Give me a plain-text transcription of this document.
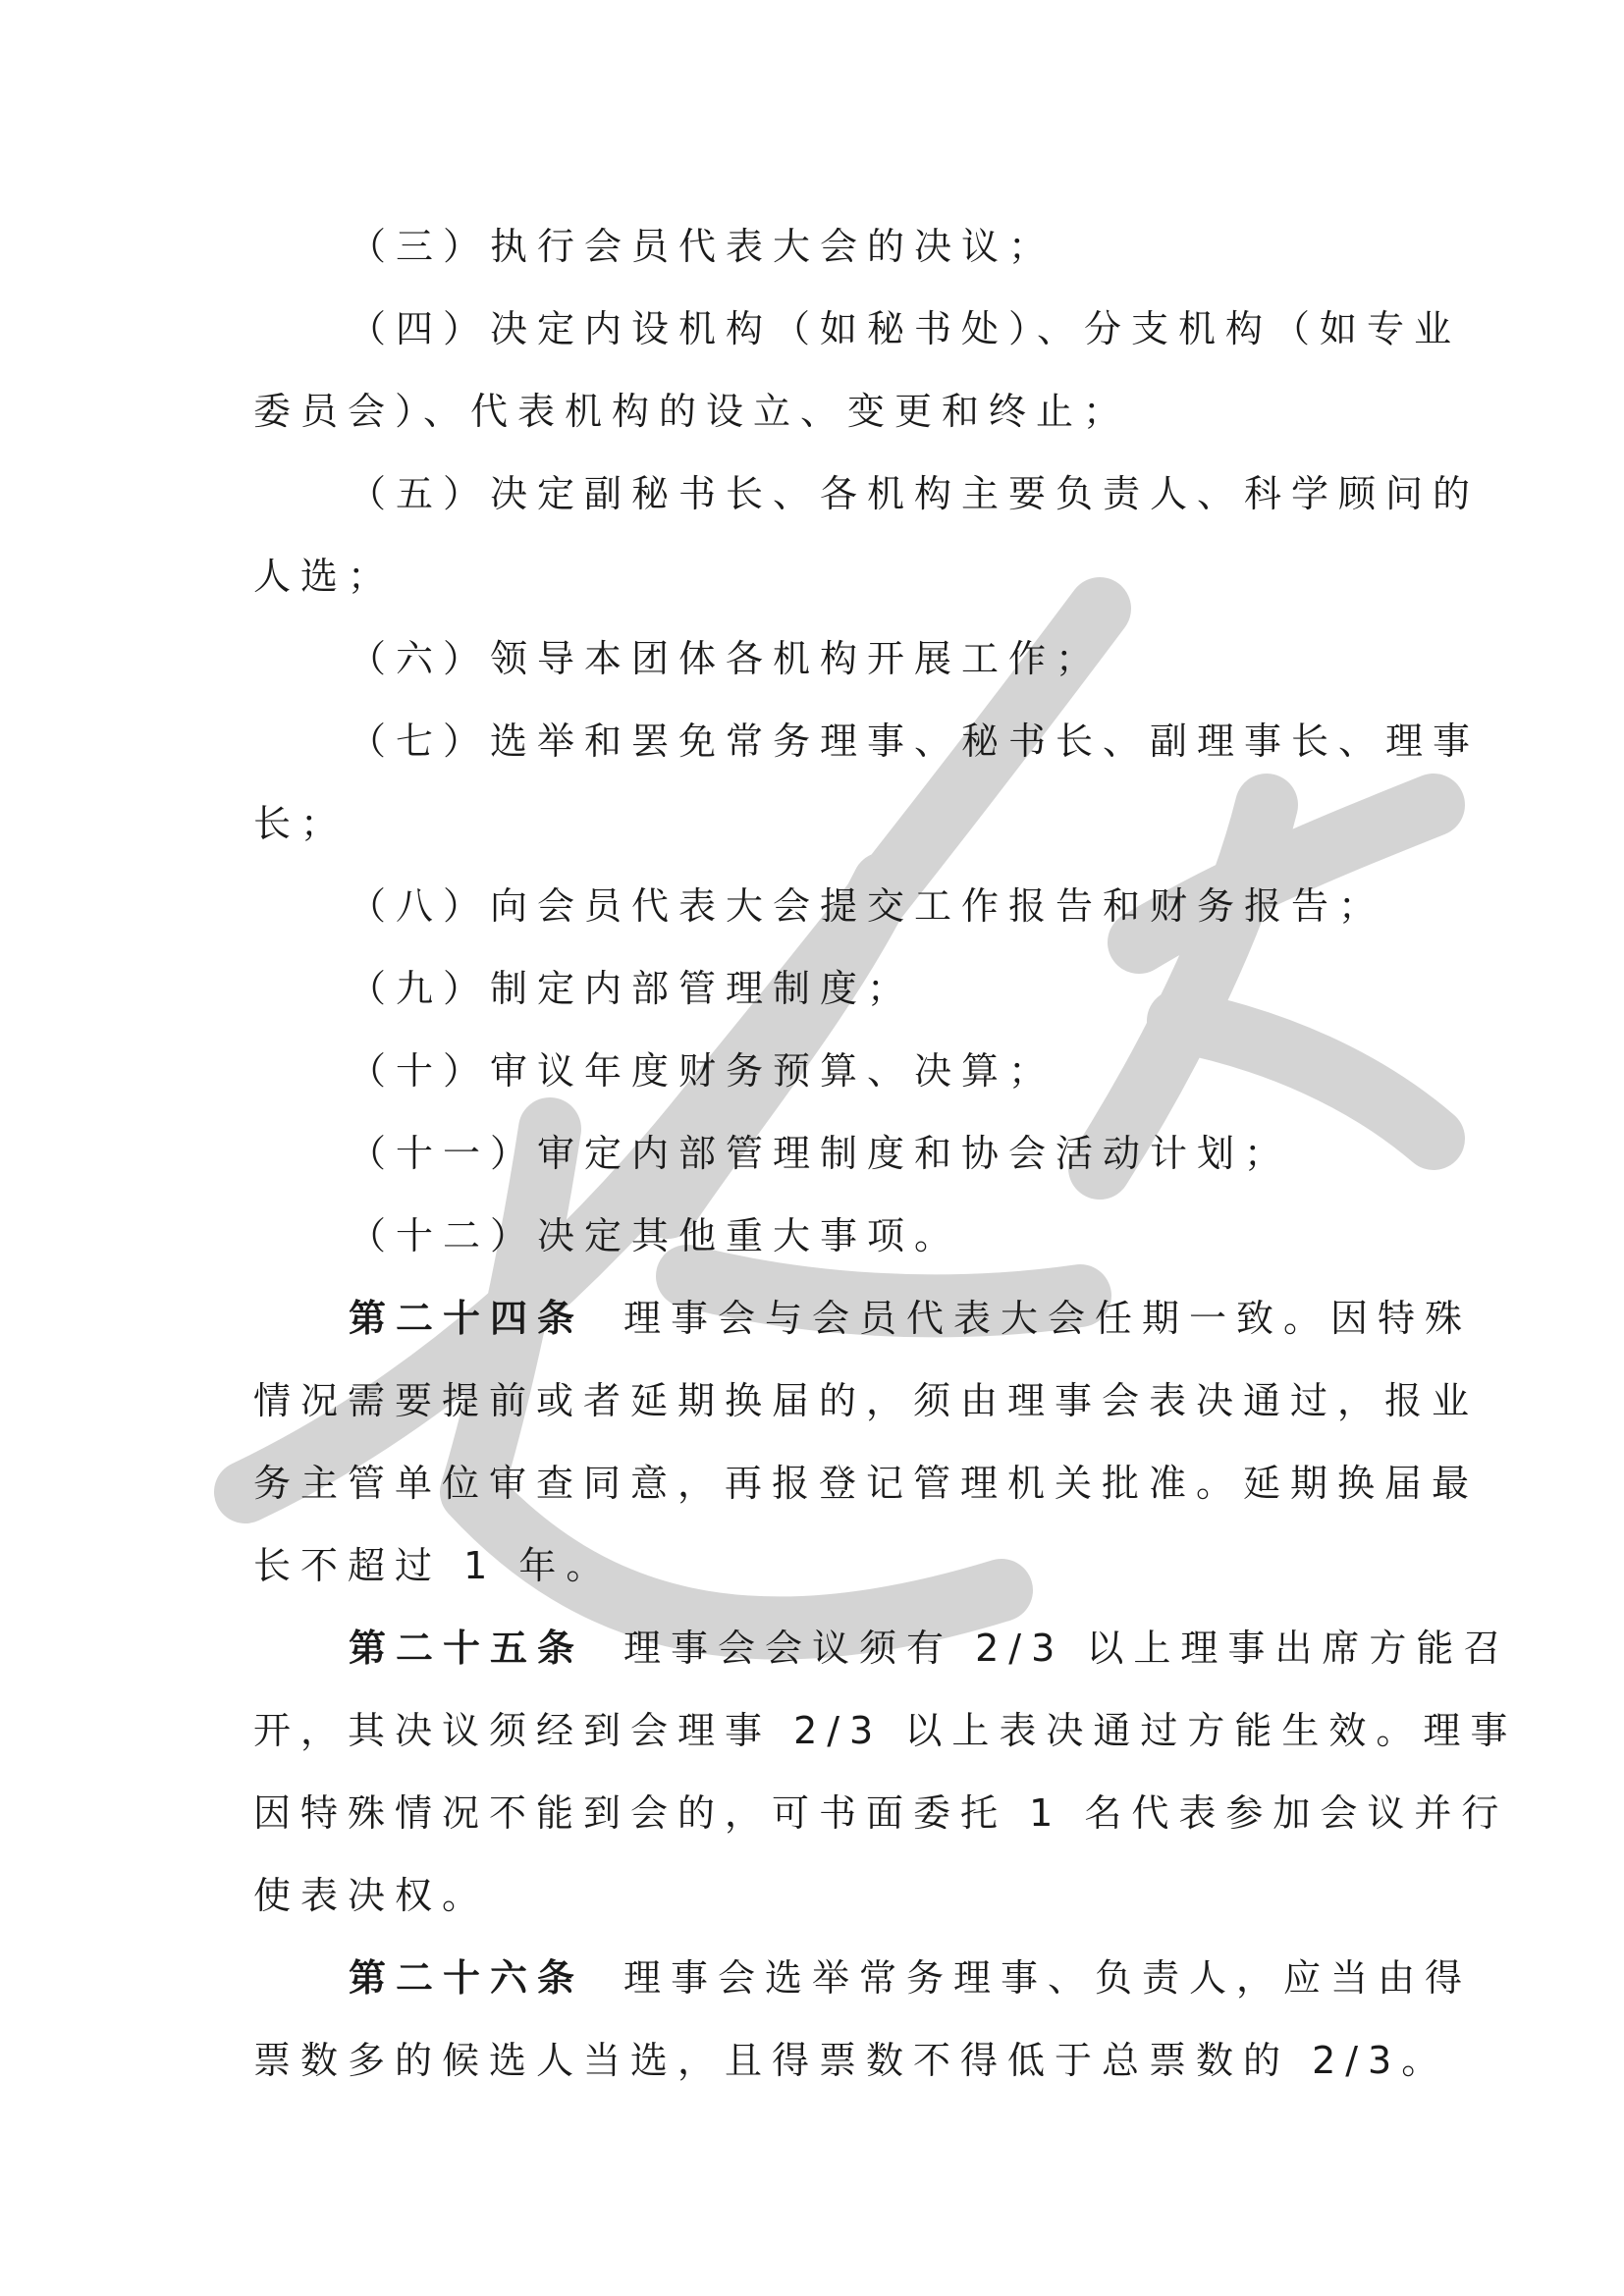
（三）执行会员代表大会的决议；
（四）决定内设机构（如秘书处）、分支机构（如专业
委员会）、代表机构的设立、变更和终止；
（五）决定副秘书长、各机构主要负责人、科学顾问的
人选；
（六）领导本团体各机构开展工作；
（七）选举和罢免常务理事、秘书长、副理事长、理事
长；
（八）向会员代表大会提交工作报告和财务报告；
（九）制定内部管理制度；
（十）审议年度财务预算、决算；
（十一）审定内部管理制度和协会活动计划；
（十二）决定其他重大事项。
第二十四条 理事会与会员代表大会任期一致。因特殊
情况需要提前或者延期换届的，须由理事会表决通过，报业
务主管单位审查同意，再报登记管理机关批准。延期换届最
长不超过 1 年。
第二十五条 理事会会议须有 2/3 以上理事出席方能召
开，其决议须经到会理事 2/3 以上表决通过方能生效。理事
因特殊情况不能到会的，可书面委托 1 名代表参加会议并行
使表决权。
第二十六条 理事会选举常务理事、负责人，应当由得
票数多的候选人当选，且得票数不得低于总票数的 2/3。
